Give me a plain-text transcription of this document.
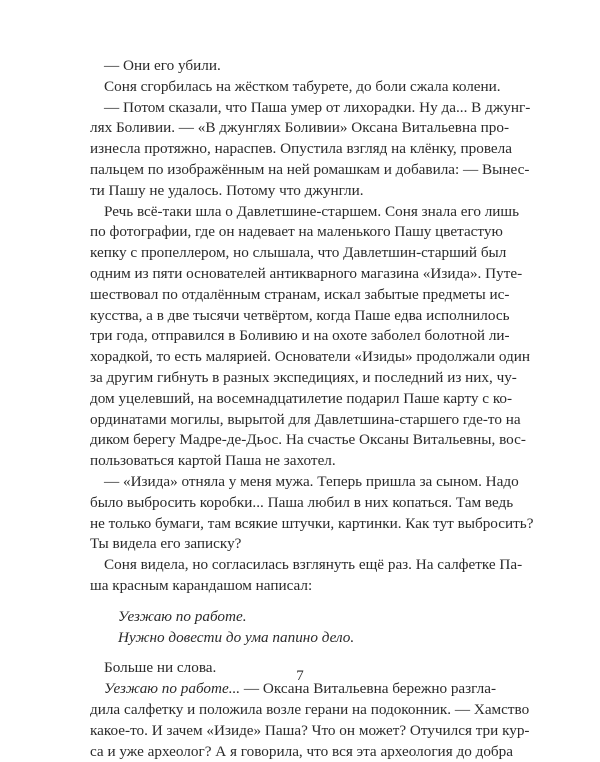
— Они его убили.
Соня сгорбилась на жёстком табурете, до боли сжала колени.
— Потом сказали, что Паша умер от лихорадки. Ну да... В джунг-
лях Боливии. — «В джунглях Боливии» Оксана Витальевна про-
изнесла протяжно, нараспев. Опустила взгляд на клёнку, провела
пальцем по изображённым на ней ромашкам и добавила: — Вынес-
ти Пашу не удалось. Потому что джунгли.
Речь всё-таки шла о Давлетшине-старшем. Соня знала его лишь
по фотографии, где он надевает на маленького Пашу цветастую
кепку с пропеллером, но слышала, что Давлетшин-старший был
одним из пяти основателей антикварного магазина «Изида». Путе-
шествовал по отдалённым странам, искал забытые предметы ис-
кусства, а в две тысячи четвёртом, когда Паше едва исполнилось
три года, отправился в Боливию и на охоте заболел болотной ли-
хорадкой, то есть малярией. Основатели «Изиды» продолжали один
за другим гибнуть в разных экспедициях, и последний из них, чу-
дом уцелевший, на восемнадцатилетие подарил Паше карту с ко-
ординатами могилы, вырытой для Давлетшина-старшего где-то на
диком берегу Мадре-де-Дьос. На счастье Оксаны Витальевны, вос-
пользоваться картой Паша не захотел.
— «Изида» отняла у меня мужа. Теперь пришла за сыном. Надо
было выбросить коробки... Паша любил в них копаться. Там ведь
не только бумаги, там всякие штучки, картинки. Как тут выбросить?
Ты видела его записку?
Соня видела, но согласилась взглянуть ещё раз. На салфетке Па-
ша красным карандашом написал:
Уезжаю по работе.
Нужно довести до ума папино дело.
Больше ни слова.
Уезжаю по работе... — Оксана Витальевна бережно разгла-
дила салфетку и положила возле герани на подоконник. — Хамство
какое-то. И зачем «Изиде» Паша? Что он может? Отучился три кур-
са и уже археолог? А я говорила, что вся эта археология до добра
7
